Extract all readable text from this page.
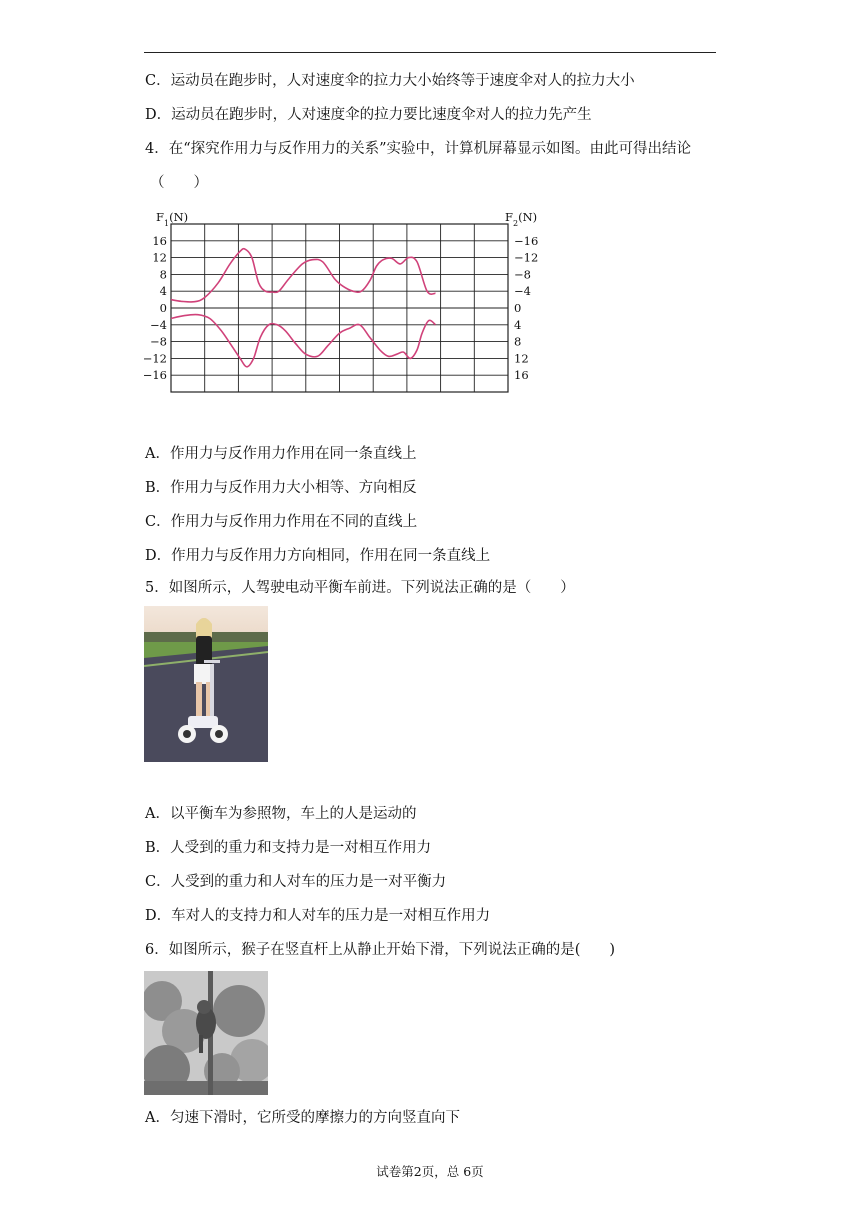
C．运动员在跑步时，人对速度伞的拉力大小始终等于速度伞对人的拉力大小
D．运动员在跑步时，人对速度伞的拉力要比速度伞对人的拉力先产生
4．在“探究作用力与反作用力的关系”实验中，计算机屏幕显示如图。由此可得出结论
（　　）
$F_1(N)$	$F_2(N)$
16
12
8
4
0
−4
−8
−12
−16
−16
−12
−8
−4
0
4
8
12
16
A．作用力与反作用力作用在同一条直线上
B．作用力与反作用力大小相等、方向相反
C．作用力与反作用力作用在不同的直线上
D．作用力与反作用力方向相同，作用在同一条直线上
5．如图所示，人驾驶电动平衡车前进。下列说法正确的是（　　）
A．以平衡车为参照物，车上的人是运动的
B．人受到的重力和支持力是一对相互作用力
C．人受到的重力和人对车的压力是一对平衡力
D．车对人的支持力和人对车的压力是一对相互作用力
6．如图所示，猴子在竖直杆上从静止开始下滑，下列说法正确的是(　　)
A．匀速下滑时，它所受的摩擦力的方向竖直向下
试卷第2页，总 6页
